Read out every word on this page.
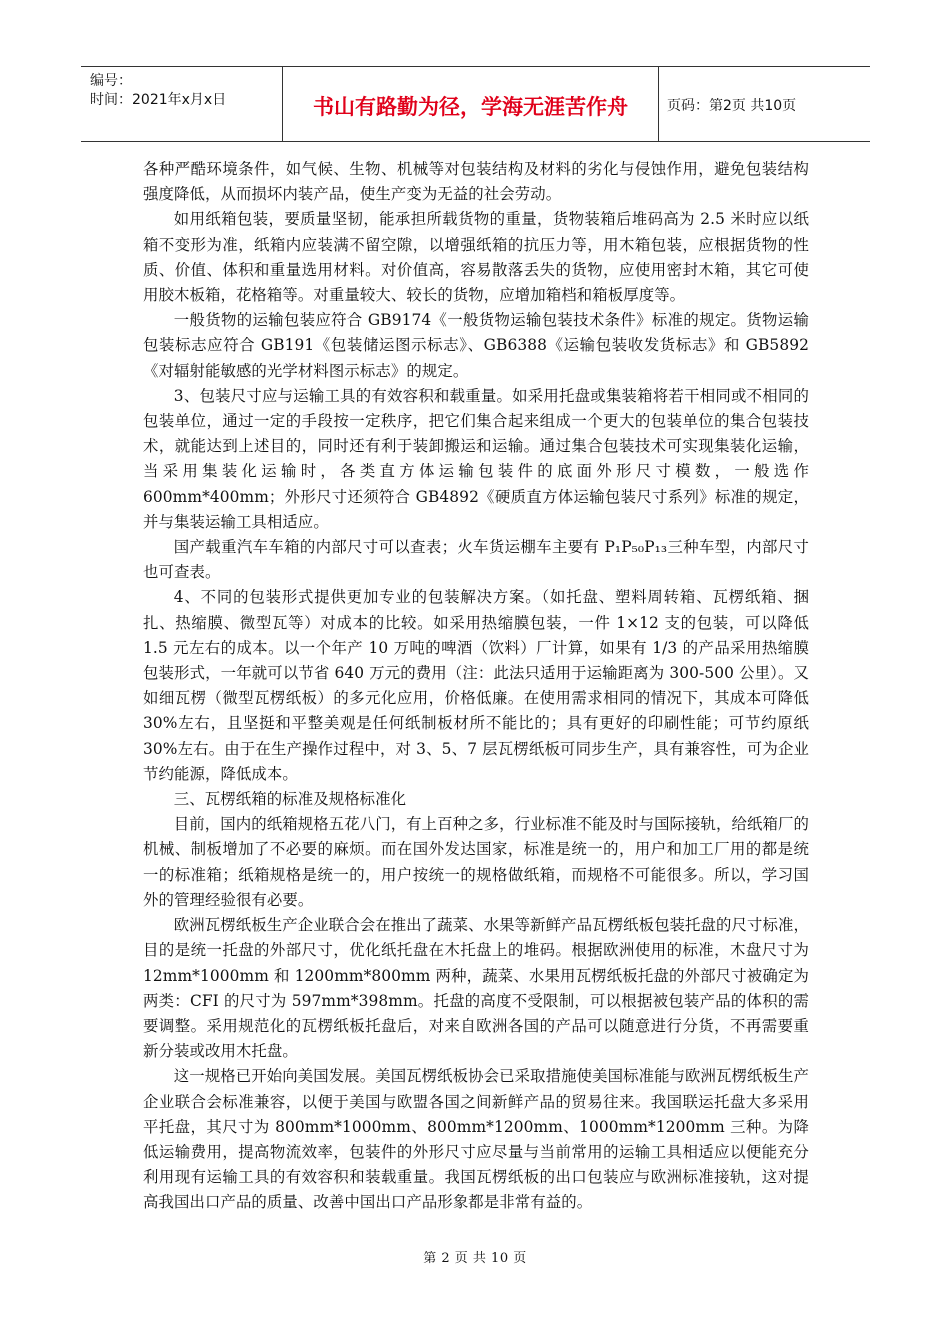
编号：
时间：2021年x月x日	书山有路勤为径，学海无涯苦作舟	页码：第2页 共10页

各种严酷环境条件，如气候、生物、机械等对包装结构及材料的劣化与侵蚀作用，避免包装结构强度降低，从而损坏内装产品，使生产变为无益的社会劳动。

如用纸箱包装，要质量坚韧，能承担所载货物的重量，货物装箱后堆码高为 2.5 米时应以纸箱不变形为准，纸箱内应装满不留空隙，以增强纸箱的抗压力等，用木箱包装，应根据货物的性质、价值、体积和重量选用材料。对价值高，容易散落丢失的货物，应使用密封木箱，其它可使用胶木板箱，花格箱等。对重量较大、较长的货物，应增加箱档和箱板厚度等。

一般货物的运输包装应符合 GB9174《一般货物运输包装技术条件》标准的规定。货物运输包装标志应符合 GB191《包装储运图示标志》、GB6388《运输包装收发货标志》和 GB5892《对辐射能敏感的光学材料图示标志》的规定。

3、包装尺寸应与运输工具的有效容积和载重量。如采用托盘或集装箱将若干相同或不相同的包装单位，通过一定的手段按一定秩序，把它们集合起来组成一个更大的包装单位的集合包装技术，就能达到上述目的，同时还有利于装卸搬运和运输。通过集合包装技术可实现集装化运输，当采用集装化运输时，各类直方体运输包装件的底面外形尺寸模数，一般选作 600mm*400mm；外形尺寸还须符合 GB4892《硬质直方体运输包装尺寸系列》标准的规定，并与集装运输工具相适应。

国产载重汽车车箱的内部尺寸可以查表；火车货运棚车主要有 P₁P₅₀P₁₃三种车型，内部尺寸也可查表。

4、不同的包装形式提供更加专业的包装解决方案。（如托盘、塑料周转箱、瓦楞纸箱、捆扎、热缩膜、微型瓦等）对成本的比较。如采用热缩膜包装，一件 1×12 支的包装，可以降低 1.5 元左右的成本。以一个年产 10 万吨的啤酒（饮料）厂计算，如果有 1/3 的产品采用热缩膜包装形式，一年就可以节省 640 万元的费用（注：此法只适用于运输距离为 300-500 公里）。又如细瓦楞（微型瓦楞纸板）的多元化应用，价格低廉。在使用需求相同的情况下，其成本可降低 30%左右，且坚挺和平整美观是任何纸制板材所不能比的；具有更好的印刷性能；可节约原纸 30%左右。由于在生产操作过程中，对 3、5、7 层瓦楞纸板可同步生产，具有兼容性，可为企业节约能源，降低成本。

三、瓦楞纸箱的标准及规格标准化

目前，国内的纸箱规格五花八门，有上百种之多，行业标准不能及时与国际接轨，给纸箱厂的机械、制板增加了不必要的麻烦。而在国外发达国家，标准是统一的，用户和加工厂用的都是统一的标准箱；纸箱规格是统一的，用户按统一的规格做纸箱，而规格不可能很多。所以，学习国外的管理经验很有必要。

欧洲瓦楞纸板生产企业联合会在推出了蔬菜、水果等新鲜产品瓦楞纸板包装托盘的尺寸标准，目的是统一托盘的外部尺寸，优化纸托盘在木托盘上的堆码。根据欧洲使用的标准，木盘尺寸为 12mm*1000mm 和 1200mm*800mm 两种，蔬菜、水果用瓦楞纸板托盘的外部尺寸被确定为两类：CFI 的尺寸为 597mm*398mm。托盘的高度不受限制，可以根据被包装产品的体积的需要调整。采用规范化的瓦楞纸板托盘后，对来自欧洲各国的产品可以随意进行分货，不再需要重新分装或改用木托盘。

这一规格已开始向美国发展。美国瓦楞纸板协会已采取措施使美国标准能与欧洲瓦楞纸板生产企业联合会标准兼容，以便于美国与欧盟各国之间新鲜产品的贸易往来。我国联运托盘大多采用平托盘，其尺寸为 800mm*1000mm、800mm*1200mm、1000mm*1200mm 三种。为降低运输费用，提高物流效率，包装件的外形尺寸应尽量与当前常用的运输工具相适应以便能充分利用现有运输工具的有效容积和装载重量。我国瓦楞纸板的出口包装应与欧洲标准接轨，这对提高我国出口产品的质量、改善中国出口产品形象都是非常有益的。

第 2 页 共 10 页
